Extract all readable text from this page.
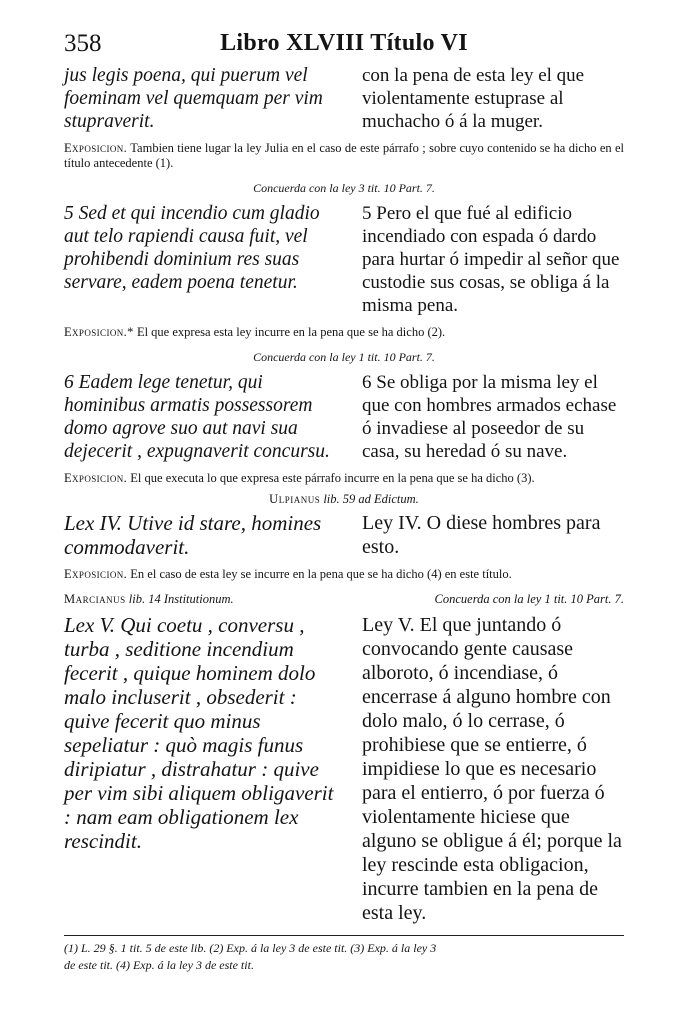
358	Libro XLVIII Título VI
jus legis poena, qui puerum vel foeminam vel quemquam per vim stupraverit.
con la pena de esta ley el que violentamente estuprase al muchacho ó á la muger.
Exposicion. Tambien tiene lugar la ley Julia en el caso de este párrafo ; sobre cuyo contenido se ha dicho en el título antecedente (1).
Concuerda con la ley 3 tit. 10 Part. 7.
5 Sed et qui incendio cum gladio aut telo rapiendi causa fuit, vel prohibendi dominium res suas servare, eadem poena tenetur.
5 Pero el que fué al edificio incendiado con espada ó dardo para hurtar ó impedir al señor que custodie sus cosas, se obliga á la misma pena.
Exposicion.* El que expresa esta ley incurre en la pena que se ha dicho (2).
Concuerda con la ley 1 tit. 10 Part. 7.
6 Eadem lege tenetur, qui hominibus armatis possessorem domo agrove suo aut navi sua dejecerit , expugnaverit concursu.
6 Se obliga por la misma ley el que con hombres armados echase ó invadiese al poseedor de su casa, su heredad ó su nave.
Exposicion. El que executa lo que expresa este párrafo incurre en la pena que se ha dicho (3).
Ulpianus lib. 59 ad Edictum.
Lex IV. Utive id stare, homines commodaverit.
Ley IV. O diese hombres para esto.
Exposicion. En el caso de esta ley se incurre en la pena que se ha dicho (4) en este título.
Marcianus lib. 14 Institutionum.	Concuerda con la ley 1 tit. 10 Part. 7.
Lex V. Qui coetu , conversu , turba , seditione incendium fecerit , quique hominem dolo malo incluserit , obsederit : quive fecerit quo minus sepeliatur : quò magis funus diripiatur , distrahatur : quive per vim sibi aliquem obligaverit : nam eam obligationem lex rescindit.
Ley V. El que juntando ó convocando gente causase alboroto, ó incendiase, ó encerrase á alguno hombre con dolo malo, ó lo cerrase, ó prohibiese que se entierre, ó impidiese lo que es necesario para el entierro, ó por fuerza ó violentamente hiciese que alguno se obligue á él; porque la ley rescinde esta obligacion, incurre tambien en la pena de esta ley.
(1) L. 29 §. 1 tit. 5 de este lib. (2) Exp. á la ley 3 de este tit. (3) Exp. á la ley 3
de este tit. (4) Exp. á la ley 3 de este tit.
